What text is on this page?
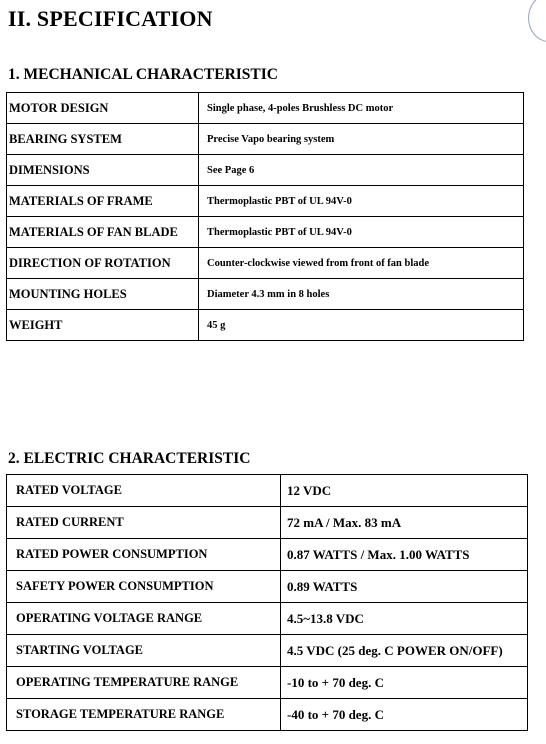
II. SPECIFICATION
1. MECHANICAL CHARACTERISTIC
MOTOR DESIGN	Single phase, 4-poles Brushless DC motor
BEARING SYSTEM	Precise Vapo bearing system
DIMENSIONS	See Page 6
MATERIALS OF FRAME	Thermoplastic PBT of UL 94V-0
MATERIALS OF FAN BLADE	Thermoplastic PBT of UL 94V-0
DIRECTION OF ROTATION	Counter-clockwise viewed from front of fan blade
MOUNTING HOLES	Diameter 4.3 mm in 8 holes
WEIGHT	45 g
2. ELECTRIC CHARACTERISTIC
RATED VOLTAGE	12 VDC
RATED CURRENT	72 mA / Max. 83 mA
RATED POWER CONSUMPTION	0.87 WATTS / Max. 1.00 WATTS
SAFETY POWER CONSUMPTION	0.89 WATTS
OPERATING VOLTAGE RANGE	4.5~13.8 VDC
STARTING VOLTAGE	4.5 VDC (25 deg. C POWER ON/OFF)
OPERATING TEMPERATURE RANGE	-10 to + 70 deg. C
STORAGE TEMPERATURE RANGE	-40 to + 70 deg. C
